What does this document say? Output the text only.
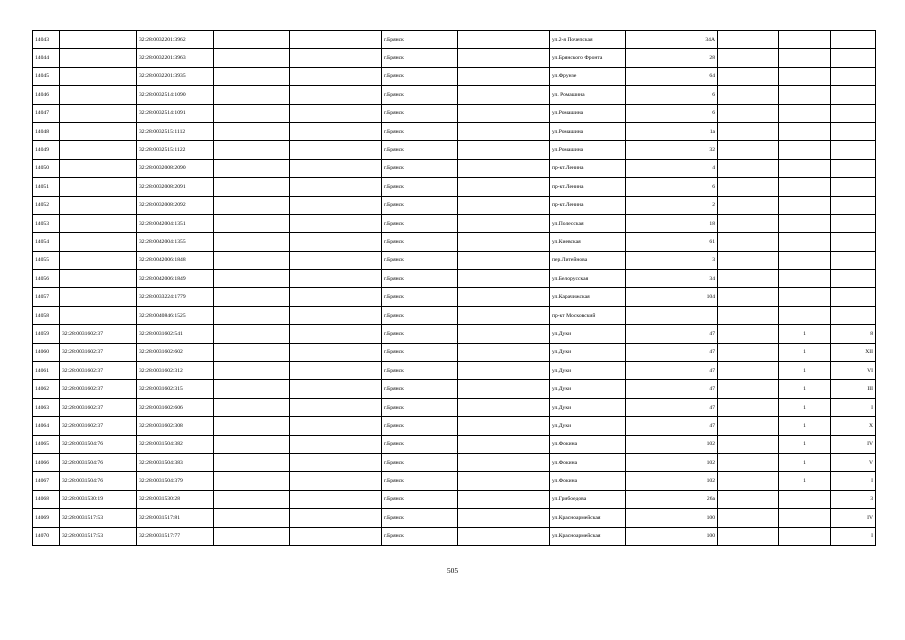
14043		32:28:0032201:3962			г.Брянск		ул.2-я Почепская	34А			
14044		32:28:0032201:3963			г.Брянск		ул.Брянского Фронта	28			
14045		32:28:0032201:3935			г.Брянск		ул.Фрунзе	64			
14046		32:28:0032514:1090			г.Брянск		ул. Ромашина	6			
14047		32:28:0032514:1091			г.Брянск		ул.Ромашина	6			
14048		32:28:0032515:1112			г.Брянск		ул.Ромашина	1а			
14049		32:28:0032515:1122			г.Брянск		ул.Ромашина	32			
14050		32:28:0032008:2090			г.Брянск		пр-кт.Ленина	4			
14051		32:28:0032008:2091			г.Брянск		пр-кт.Ленина	6			
14052		32:28:0032008:2092			г.Брянск		пр-кт.Ленина	2			
14053		32:28:0042004:1351			г.Брянск		ул.Полесская	18			
14054		32:28:0042004:1355			г.Брянск		ул.Киевская	61			
14055		32:28:0042006:1848			г.Брянск		пер.Литейнова	3			
14056		32:28:0042006:1849			г.Брянск		ул.Белорусская	34			
14057		32:28:0033224:1779			г.Брянск		ул.Карачижская	104			
14058		32:28:0040846:1525			г.Брянск		пр-кт Московский				
14059	32:28:0031602:37	32:28:0031602:541			г.Брянск		ул.Дуки	47		1	8
14060	32:28:0031602:37	32:28:0031602:602			г.Брянск		ул.Дуки	47		1	XII
14061	32:28:0031602:37	32:28:0031602:312			г.Брянск		ул.Дуки	47		1	VI
14062	32:28:0031602:37	32:28:0031602:315			г.Брянск		ул.Дуки	47		1	III
14063	32:28:0031602:37	32:28:0031602:606			г.Брянск		ул.Дуки	47		1	I
14064	32:28:0031602:37	32:28:0031602:308			г.Брянск		ул.Дуки	47		1	X
14065	32:28:0031504:76	32:28:0031504:382			г.Брянск		ул.Фокина	102		1	IV
14066	32:28:0031504:76	32:28:0031504:383			г.Брянск		ул.Фокина	102		1	V
14067	32:28:0031504:76	32:28:0031504:379			г.Брянск		ул.Фокина	102		1	I
14068	32:28:0031530:19	32:28:0031530:28			г.Брянск		ул.Грибоедова	26а			3
14069	32:28:0031517:53	32:28:0031517:81			г.Брянск		ул.Красноармейская	100			IV
14070	32:28:0031517:53	32:28:0031517:77			г.Брянск		ул.Красноармейская	100			I
505
